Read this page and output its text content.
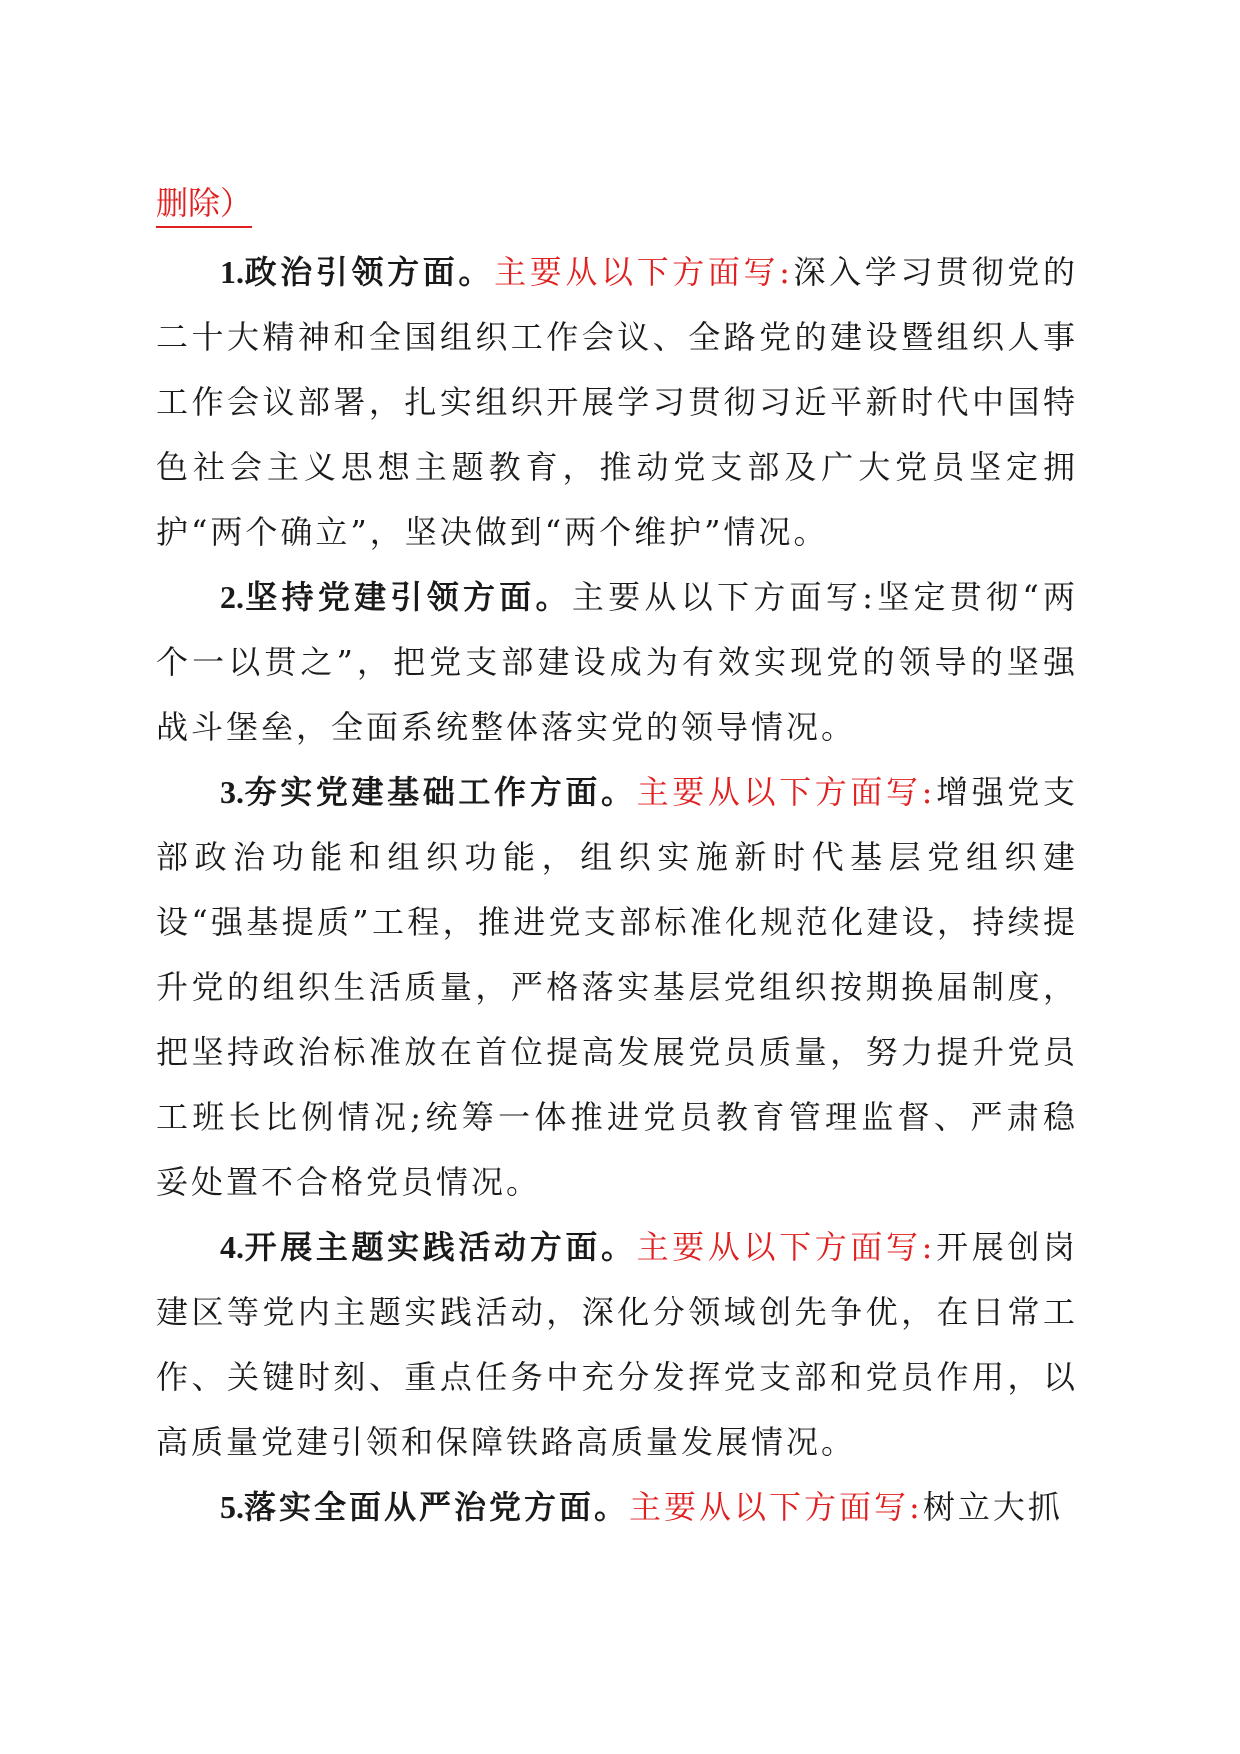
删除）

1.政治引领方面。主要从以下方面写:深入学习贯彻党的二十大精神和全国组织工作会议、全路党的建设暨组织人事工作会议部署，扎实组织开展学习贯彻习近平新时代中国特色社会主义思想主题教育，推动党支部及广大党员坚定拥护“两个确立”，坚决做到“两个维护”情况。

2.坚持党建引领方面。主要从以下方面写:坚定贯彻“两个一以贯之”，把党支部建设成为有效实现党的领导的坚强战斗堡垒，全面系统整体落实党的领导情况。

3.夯实党建基础工作方面。主要从以下方面写:增强党支部政治功能和组织功能，组织实施新时代基层党组织建设“强基提质”工程，推进党支部标准化规范化建设，持续提升党的组织生活质量，严格落实基层党组织按期换届制度，把坚持政治标准放在首位提高发展党员质量，努力提升党员工班长比例情况;统筹一体推进党员教育管理监督、严肃稳妥处置不合格党员情况。

4.开展主题实践活动方面。主要从以下方面写:开展创岗建区等党内主题实践活动，深化分领域创先争优，在日常工作、关键时刻、重点任务中充分发挥党支部和党员作用，以高质量党建引领和保障铁路高质量发展情况。

5.落实全面从严治党方面。主要从以下方面写:树立大抓
